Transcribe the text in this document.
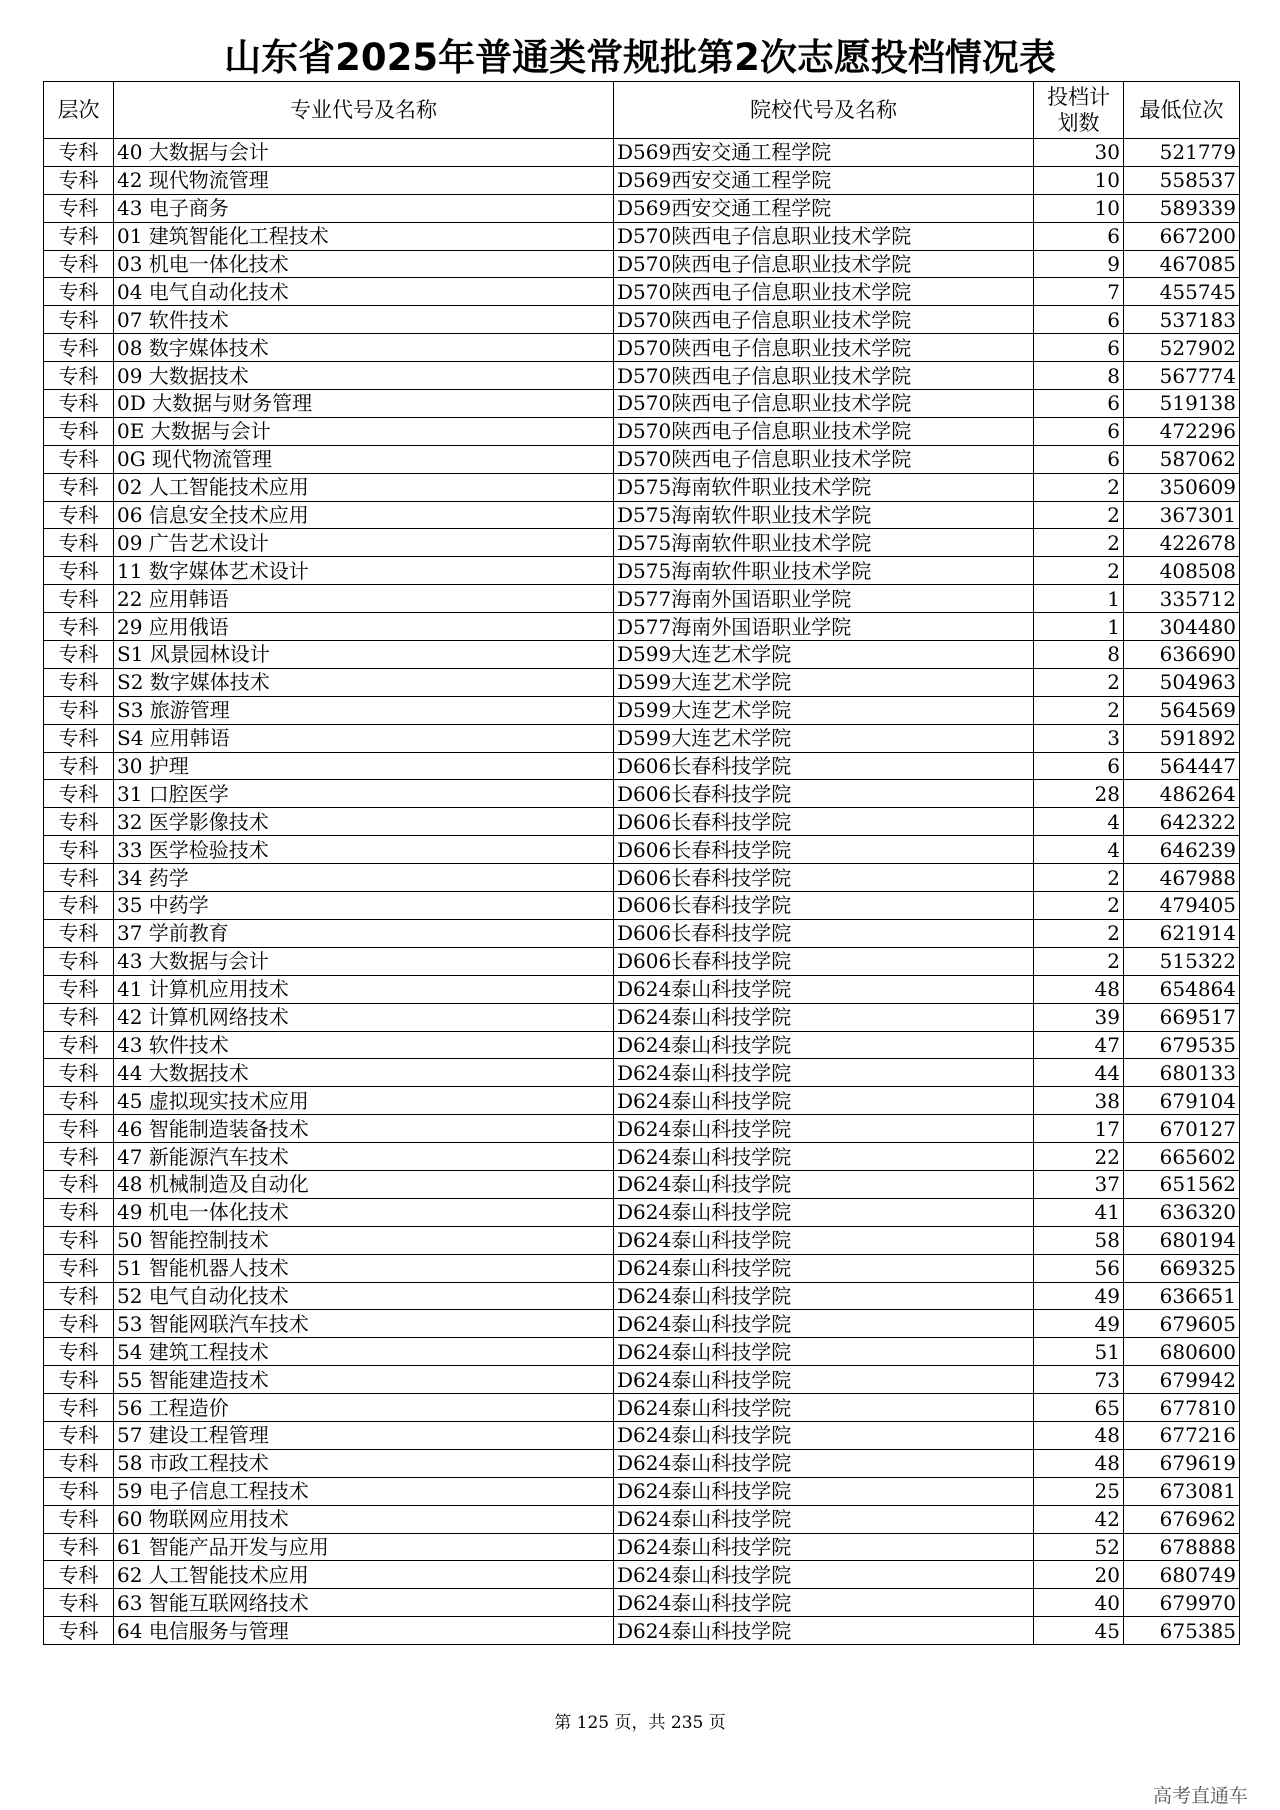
山东省2025年普通类常规批第2次志愿投档情况表
层次	专业代号及名称	院校代号及名称	投档计划数	最低位次
专科	40 大数据与会计	D569西安交通工程学院	30	521779
专科	42 现代物流管理	D569西安交通工程学院	10	558537
专科	43 电子商务	D569西安交通工程学院	10	589339
专科	01 建筑智能化工程技术	D570陕西电子信息职业技术学院	6	667200
专科	03 机电一体化技术	D570陕西电子信息职业技术学院	9	467085
专科	04 电气自动化技术	D570陕西电子信息职业技术学院	7	455745
专科	07 软件技术	D570陕西电子信息职业技术学院	6	537183
专科	08 数字媒体技术	D570陕西电子信息职业技术学院	6	527902
专科	09 大数据技术	D570陕西电子信息职业技术学院	8	567774
专科	0D 大数据与财务管理	D570陕西电子信息职业技术学院	6	519138
专科	0E 大数据与会计	D570陕西电子信息职业技术学院	6	472296
专科	0G 现代物流管理	D570陕西电子信息职业技术学院	6	587062
专科	02 人工智能技术应用	D575海南软件职业技术学院	2	350609
专科	06 信息安全技术应用	D575海南软件职业技术学院	2	367301
专科	09 广告艺术设计	D575海南软件职业技术学院	2	422678
专科	11 数字媒体艺术设计	D575海南软件职业技术学院	2	408508
专科	22 应用韩语	D577海南外国语职业学院	1	335712
专科	29 应用俄语	D577海南外国语职业学院	1	304480
专科	S1 风景园林设计	D599大连艺术学院	8	636690
专科	S2 数字媒体技术	D599大连艺术学院	2	504963
专科	S3 旅游管理	D599大连艺术学院	2	564569
专科	S4 应用韩语	D599大连艺术学院	3	591892
专科	30 护理	D606长春科技学院	6	564447
专科	31 口腔医学	D606长春科技学院	28	486264
专科	32 医学影像技术	D606长春科技学院	4	642322
专科	33 医学检验技术	D606长春科技学院	4	646239
专科	34 药学	D606长春科技学院	2	467988
专科	35 中药学	D606长春科技学院	2	479405
专科	37 学前教育	D606长春科技学院	2	621914
专科	43 大数据与会计	D606长春科技学院	2	515322
专科	41 计算机应用技术	D624泰山科技学院	48	654864
专科	42 计算机网络技术	D624泰山科技学院	39	669517
专科	43 软件技术	D624泰山科技学院	47	679535
专科	44 大数据技术	D624泰山科技学院	44	680133
专科	45 虚拟现实技术应用	D624泰山科技学院	38	679104
专科	46 智能制造装备技术	D624泰山科技学院	17	670127
专科	47 新能源汽车技术	D624泰山科技学院	22	665602
专科	48 机械制造及自动化	D624泰山科技学院	37	651562
专科	49 机电一体化技术	D624泰山科技学院	41	636320
专科	50 智能控制技术	D624泰山科技学院	58	680194
专科	51 智能机器人技术	D624泰山科技学院	56	669325
专科	52 电气自动化技术	D624泰山科技学院	49	636651
专科	53 智能网联汽车技术	D624泰山科技学院	49	679605
专科	54 建筑工程技术	D624泰山科技学院	51	680600
专科	55 智能建造技术	D624泰山科技学院	73	679942
专科	56 工程造价	D624泰山科技学院	65	677810
专科	57 建设工程管理	D624泰山科技学院	48	677216
专科	58 市政工程技术	D624泰山科技学院	48	679619
专科	59 电子信息工程技术	D624泰山科技学院	25	673081
专科	60 物联网应用技术	D624泰山科技学院	42	676962
专科	61 智能产品开发与应用	D624泰山科技学院	52	678888
专科	62 人工智能技术应用	D624泰山科技学院	20	680749
专科	63 智能互联网络技术	D624泰山科技学院	40	679970
专科	64 电信服务与管理	D624泰山科技学院	45	675385
第 125 页，共 235 页
高考直通车
